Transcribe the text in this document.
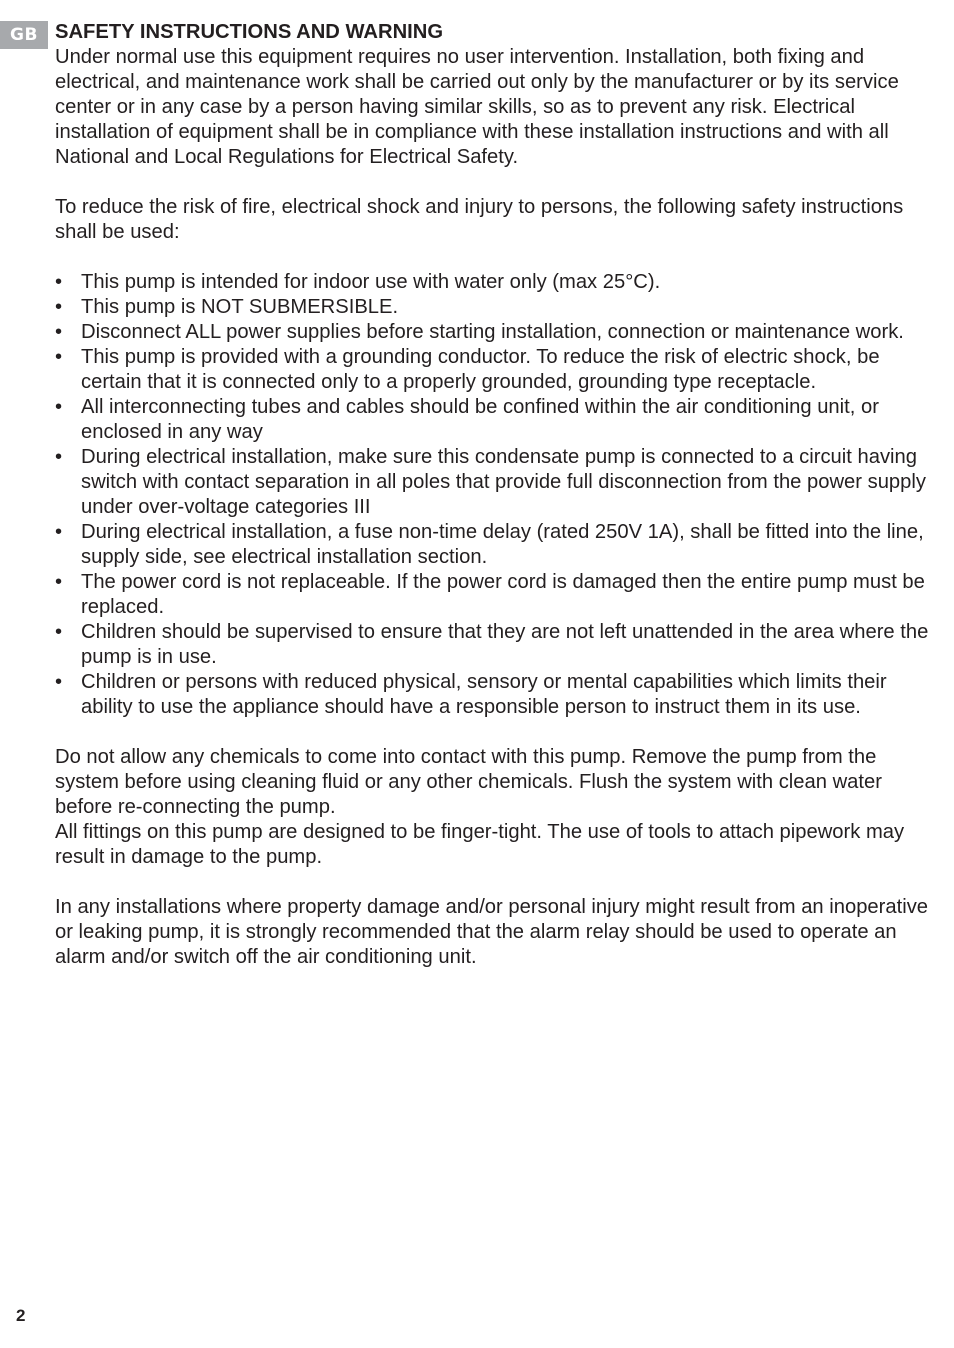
GB SAFETY INSTRUCTIONS AND WARNING

Under normal use this equipment requires no user intervention. Installation, both fixing and electrical, and maintenance work shall be carried out only by the manufacturer or by its service center or in any case by a person having similar skills, so as to prevent any risk. Electrical installation of equipment shall be in compliance with these installation instructions and with all National and Local Regulations for Electrical Safety.

To reduce the risk of fire, electrical shock and injury to persons, the following safety instructions shall be used:

• This pump is intended for indoor use with water only (max 25°C).
• This pump is NOT SUBMERSIBLE.
• Disconnect ALL power supplies before starting installation, connection or maintenance work.
• This pump is provided with a grounding conductor. To reduce the risk of electric shock, be certain that it is connected only to a properly grounded, grounding type receptacle.
• All interconnecting tubes and cables should be confined within the air conditioning unit, or enclosed in any way
• During electrical installation, make sure this condensate pump is connected to a circuit having switch with contact separation in all poles that provide full disconnection from the power supply under over-voltage categories III
• During electrical installation, a fuse non-time delay (rated 250V 1A), shall be fitted into the line, supply side, see electrical installation section.
• The power cord is not replaceable. If the power cord is damaged then the entire pump must be replaced.
• Children should be supervised to ensure that they are not left unattended in the area where the pump is in use.
• Children or persons with reduced physical, sensory or mental capabilities which limits their ability to use the appliance should have a responsible person to instruct them in its use.

Do not allow any chemicals to come into contact with this pump. Remove the pump from the system before using cleaning fluid or any other chemicals. Flush the system with clean water before re-connecting the pump.

All fittings on this pump are designed to be finger-tight. The use of tools to attach pipework may result in damage to the pump.

In any installations where property damage and/or personal injury might result from an inoperative or leaking pump, it is strongly recommended that the alarm relay should be used to operate an alarm and/or switch off the air conditioning unit.

2
